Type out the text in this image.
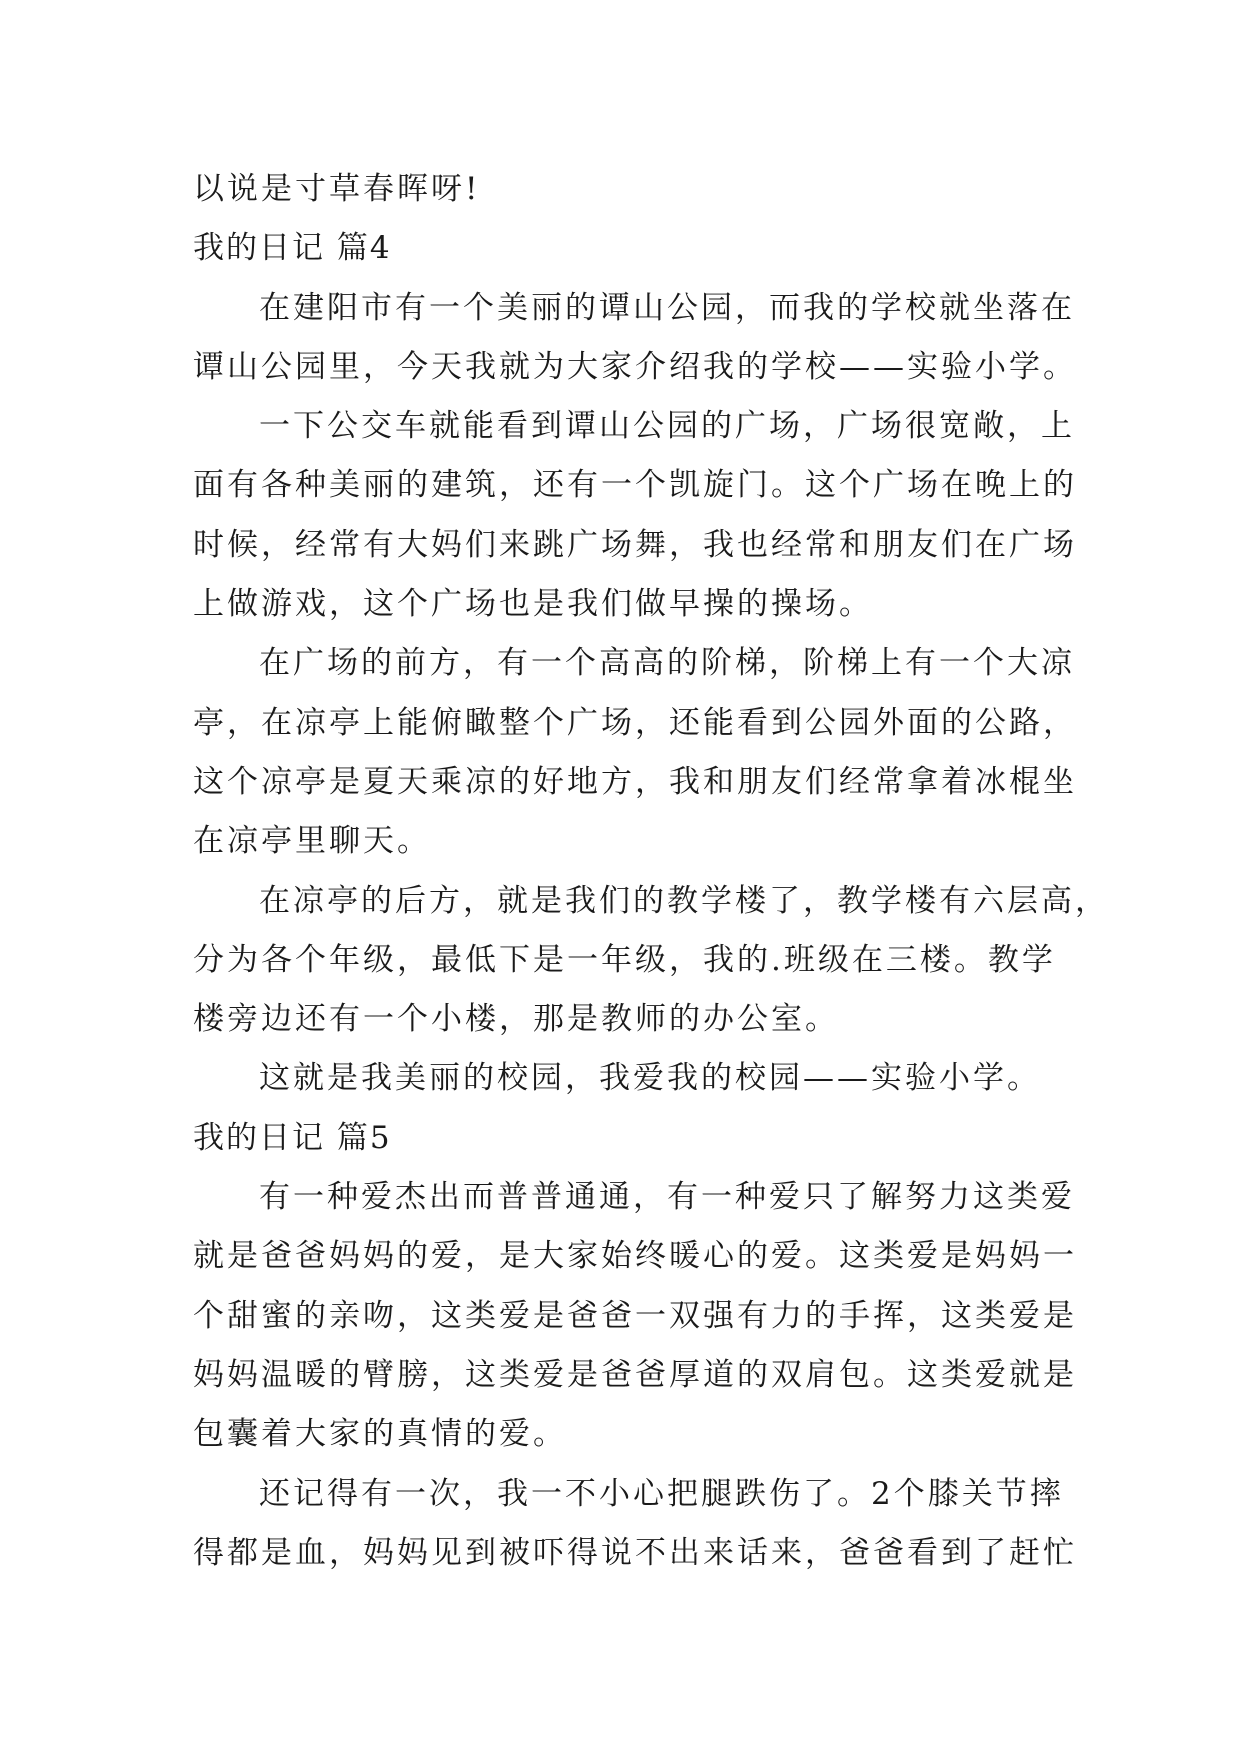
以说是寸草春晖呀!
我的日记 篇4
在建阳市有一个美丽的谭山公园，而我的学校就坐落在
谭山公园里，今天我就为大家介绍我的学校——实验小学。
一下公交车就能看到谭山公园的广场，广场很宽敞，上
面有各种美丽的建筑，还有一个凯旋门。这个广场在晚上的
时候，经常有大妈们来跳广场舞，我也经常和朋友们在广场
上做游戏，这个广场也是我们做早操的操场。
在广场的前方，有一个高高的阶梯，阶梯上有一个大凉
亭，在凉亭上能俯瞰整个广场，还能看到公园外面的公路，
这个凉亭是夏天乘凉的好地方，我和朋友们经常拿着冰棍坐
在凉亭里聊天。
在凉亭的后方，就是我们的教学楼了，教学楼有六层高，
分为各个年级，最低下是一年级，我的.班级在三楼。教学
楼旁边还有一个小楼，那是教师的办公室。
这就是我美丽的校园，我爱我的校园——实验小学。
我的日记 篇5
有一种爱杰出而普普通通，有一种爱只了解努力这类爱
就是爸爸妈妈的爱，是大家始终暖心的爱。这类爱是妈妈一
个甜蜜的亲吻，这类爱是爸爸一双强有力的手挥，这类爱是
妈妈温暖的臂膀，这类爱是爸爸厚道的双肩包。这类爱就是
包囊着大家的真情的爱。
还记得有一次，我一不小心把腿跌伤了。2个膝关节摔
得都是血，妈妈见到被吓得说不出来话来，爸爸看到了赶忙
